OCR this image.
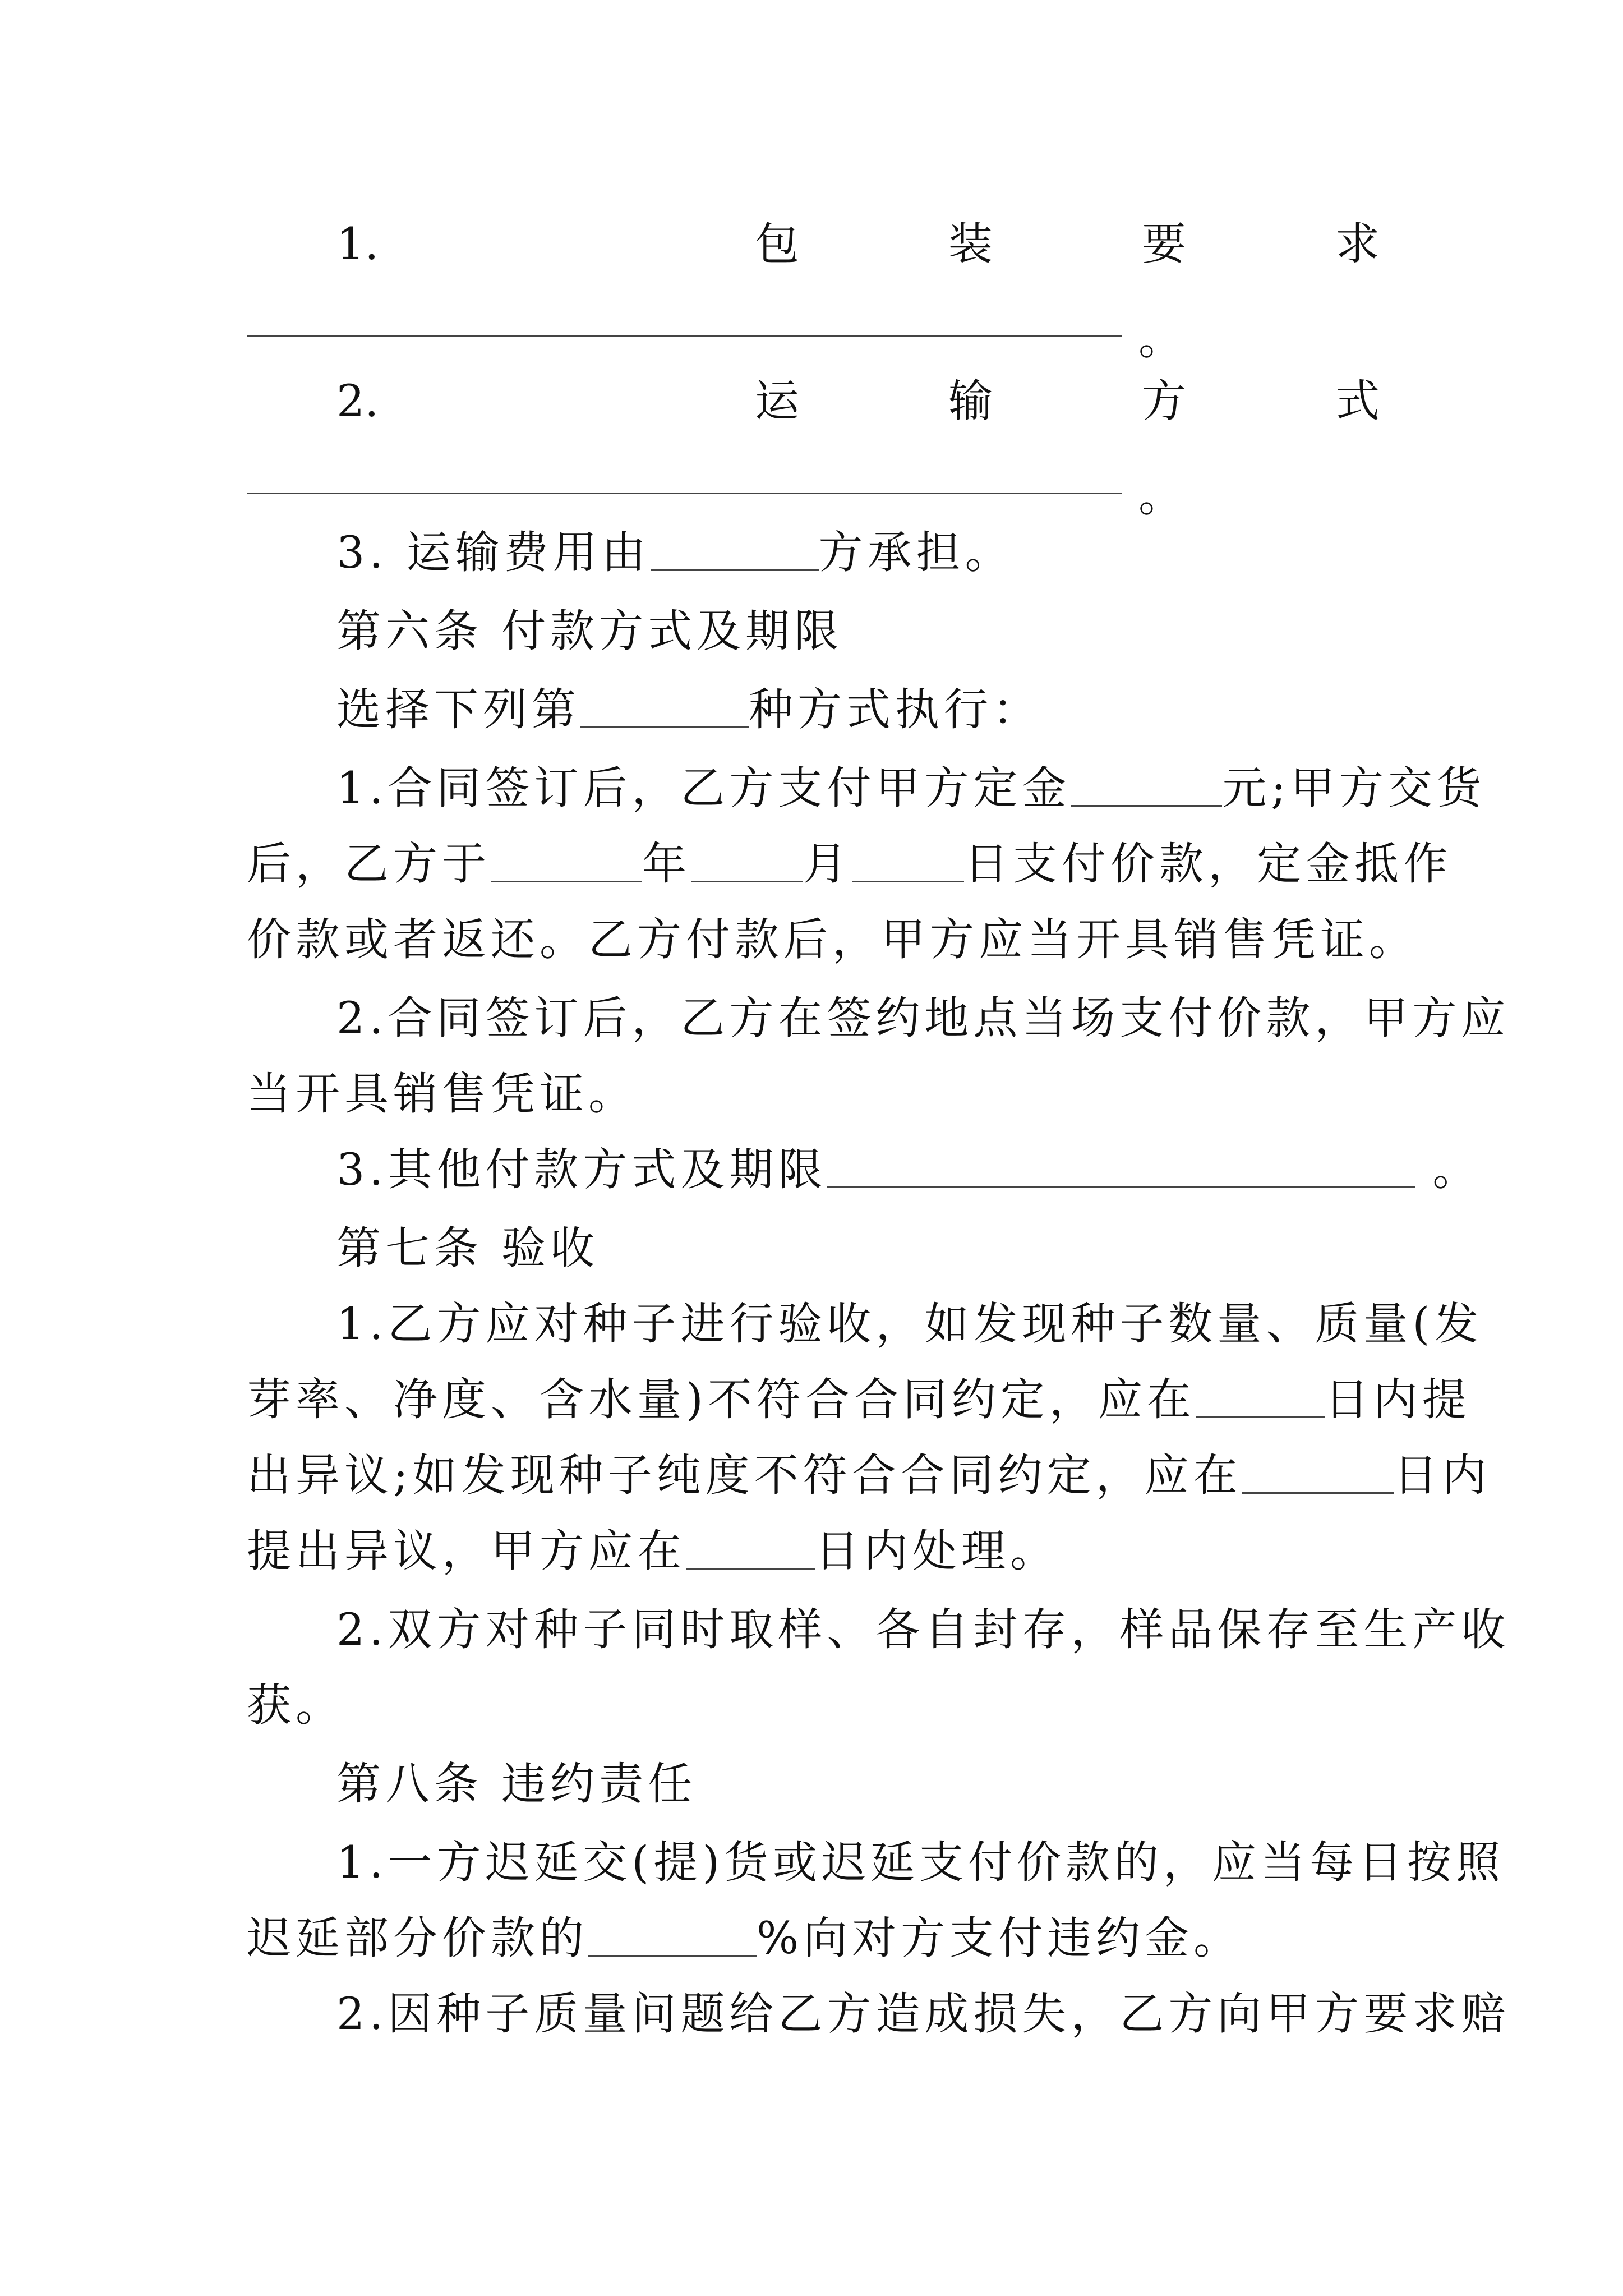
1.	包	装	要	求
。
2.	运	输	方	式
。
3. 运输费用由	方承担。
第六条 付款方式及期限
选择下列第	种方式执行：
1.合同签订后，乙方支付甲方定金	元;甲方交货
后，乙方于	年	月	日支付价款，定金抵作
价款或者返还。乙方付款后，甲方应当开具销售凭证。
2.合同签订后，乙方在签约地点当场支付价款，甲方应
当开具销售凭证。
3.其他付款方式及期限	。
第七条 验收
1.乙方应对种子进行验收，如发现种子数量、质量(发
芽率、净度、含水量)不符合合同约定，应在	日内提
出异议;如发现种子纯度不符合合同约定，应在	日内
提出异议，甲方应在	日内处理。
2.双方对种子同时取样、各自封存，样品保存至生产收
获。
第八条 违约责任
1.一方迟延交(提)货或迟延支付价款的，应当每日按照
迟延部分价款的	%向对方支付违约金。
2.因种子质量问题给乙方造成损失，乙方向甲方要求赔
